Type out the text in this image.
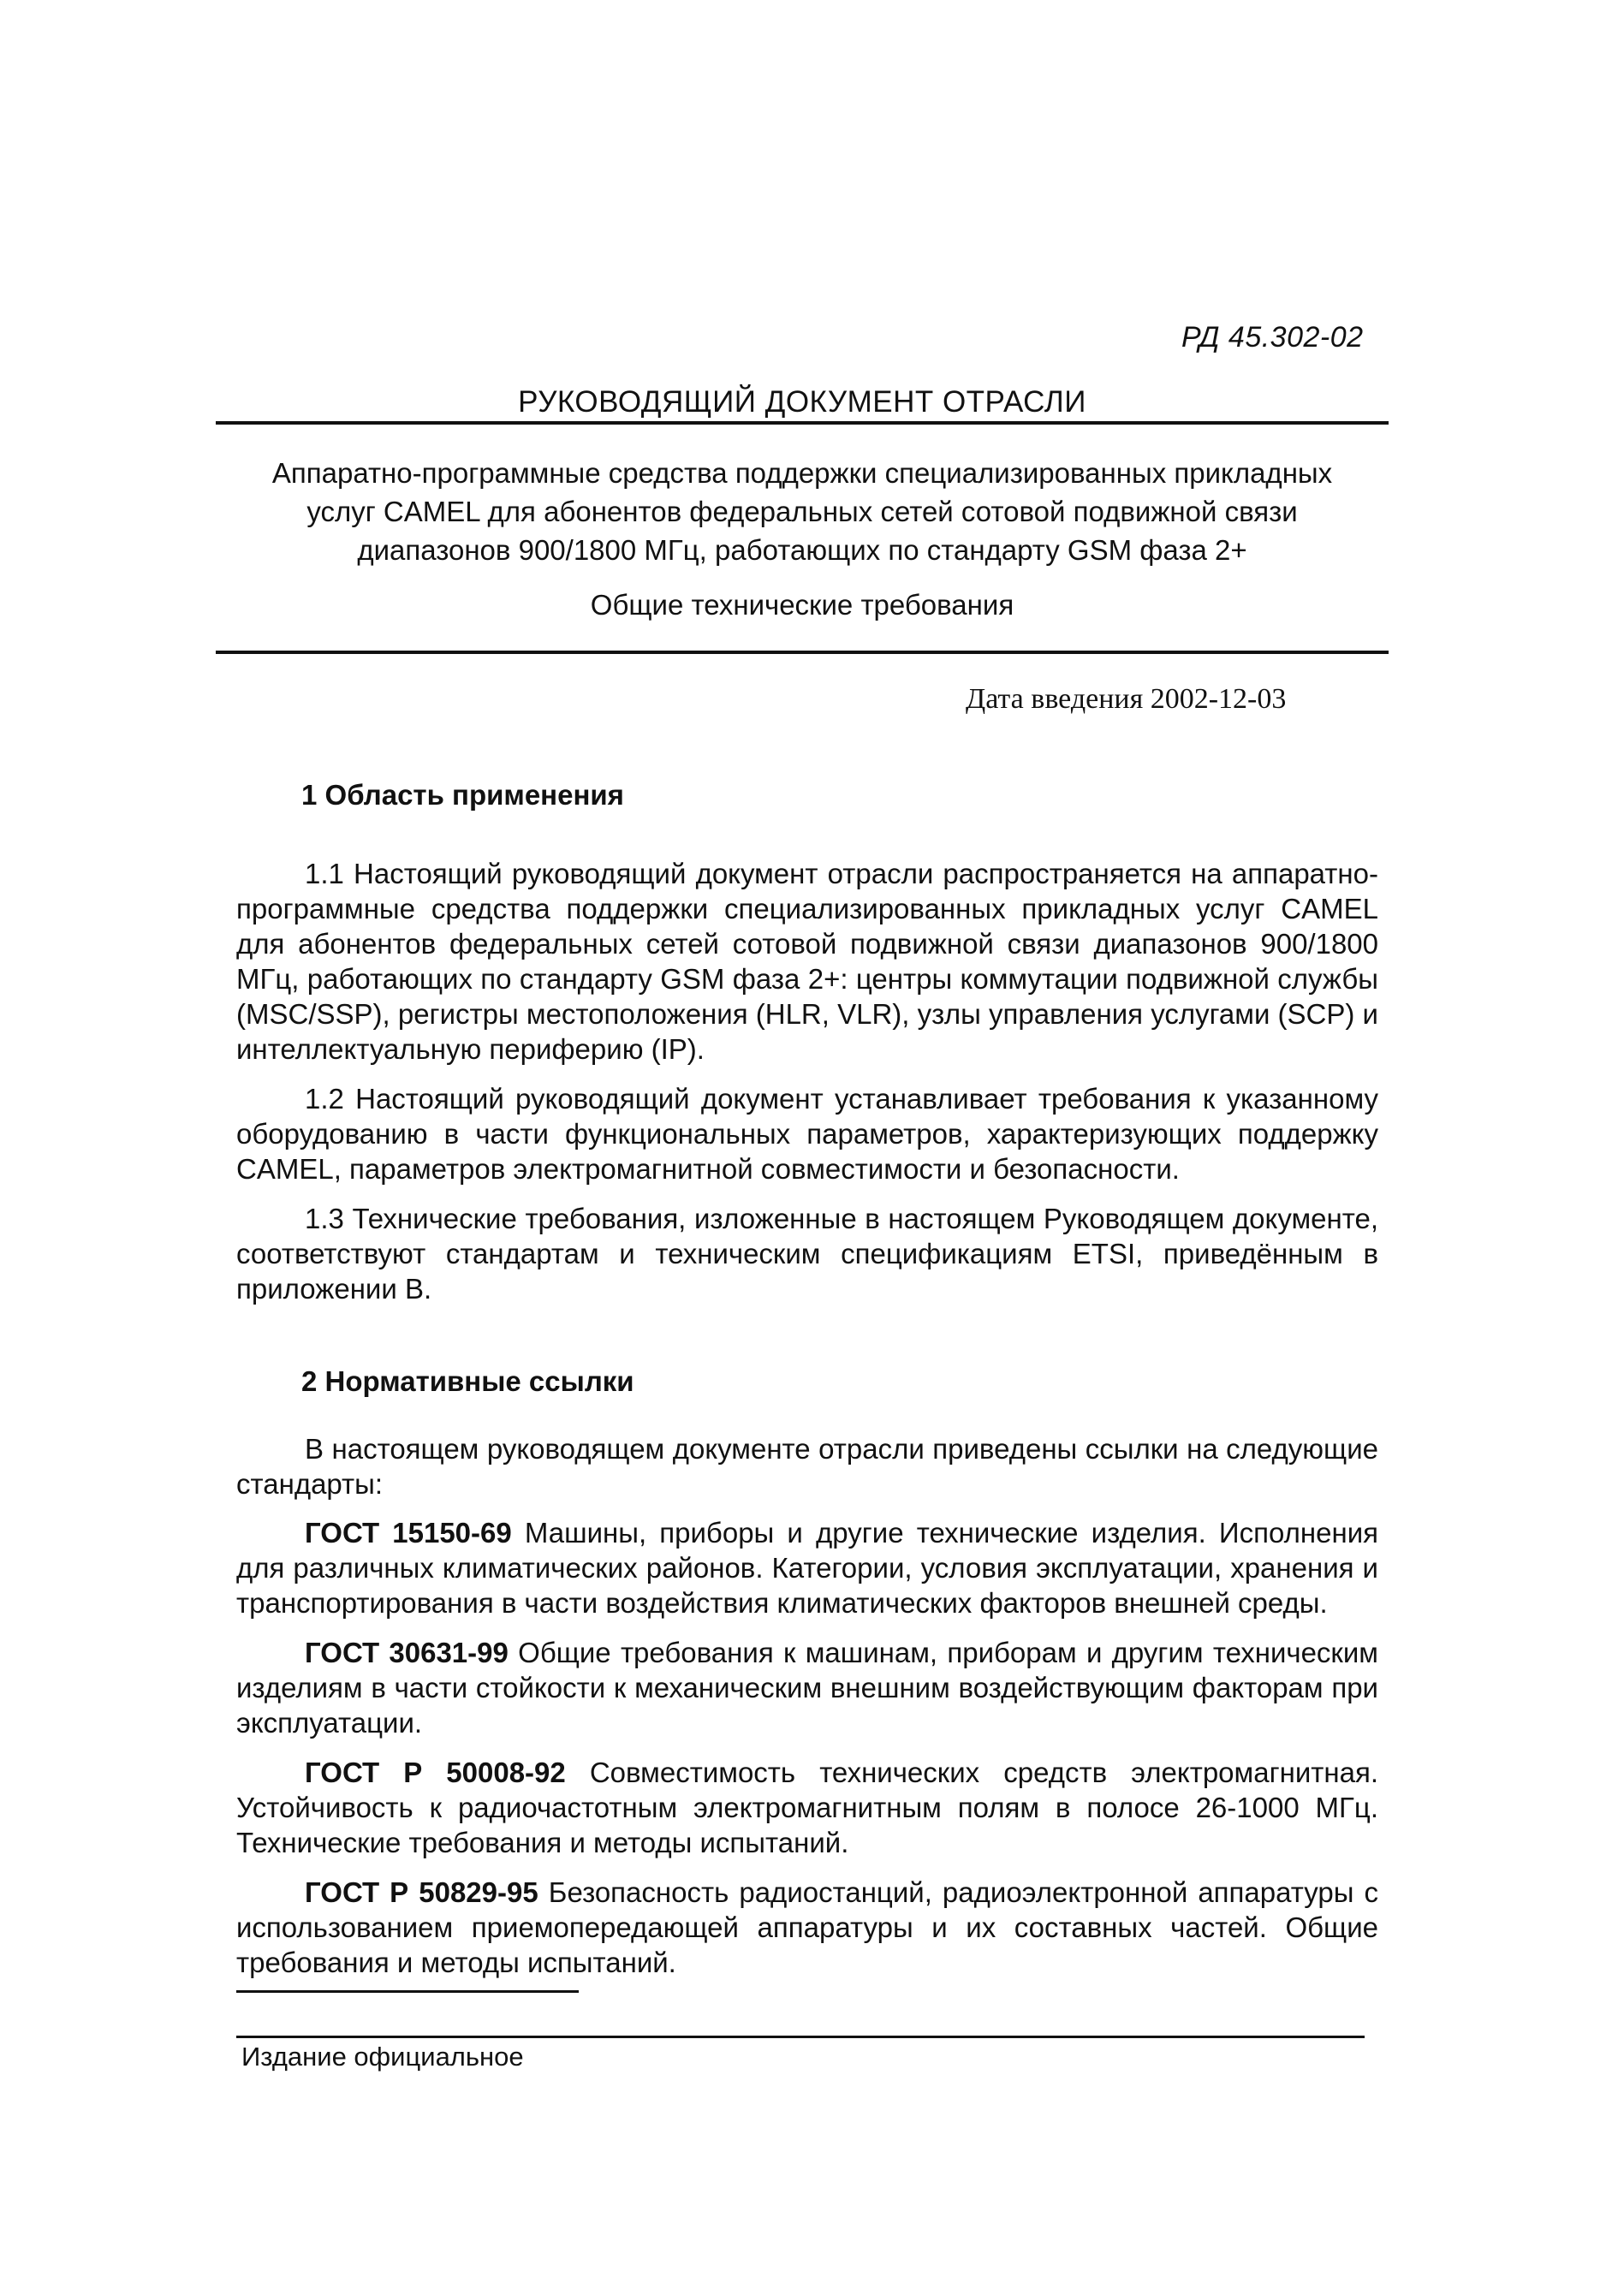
РД 45.302-02
РУКОВОДЯЩИЙ ДОКУМЕНТ ОТРАСЛИ
Аппаратно-программные средства поддержки специализированных прикладных
услуг CAMEL для абонентов федеральных сетей сотовой подвижной связи
диапазонов 900/1800 МГц, работающих по стандарту GSM фаза 2+
Общие технические требования
Дата введения 2002-12-03
1 Область применения

1.1 Настоящий руководящий документ отрасли распространяется на аппаратно-программные средства поддержки специализированных прикладных услуг CAMEL для абонентов федеральных сетей сотовой подвижной связи диапазонов 900/1800 МГц, работающих по стандарту GSM фаза 2+: центры коммутации подвижной службы (MSC/SSP), регистры местоположения (HLR, VLR), узлы управления услугами (SCP) и интеллектуальную периферию (IP).

1.2 Настоящий руководящий документ устанавливает требования к указанному оборудованию в части функциональных параметров, характеризующих поддержку CAMEL, параметров электромагнитной совместимости и безопасности.

1.3 Технические требования, изложенные в настоящем Руководящем документе, соответствуют стандартам и техническим спецификациям ETSI, приведённым в приложении В.

2 Нормативные ссылки

В настоящем руководящем документе отрасли приведены ссылки на следующие стандарты:

ГОСТ 15150-69 Машины, приборы и другие технические изделия. Исполнения для различных климатических районов. Категории, условия эксплуатации, хранения и транспортирования в части воздействия климатических факторов внешней среды.

ГОСТ 30631-99 Общие требования к машинам, приборам и другим техническим изделиям в части стойкости к механическим внешним воздействующим факторам при эксплуатации.

ГОСТ Р 50008-92 Совместимость технических средств электромагнитная. Устойчивость к радиочастотным электромагнитным полям в полосе 26-1000 МГц. Технические требования и методы испытаний.

ГОСТ Р 50829-95 Безопасность радиостанций, радиоэлектронной аппаратуры с использованием приемопередающей аппаратуры и их составных частей. Общие требования и методы испытаний.

Издание официальное
